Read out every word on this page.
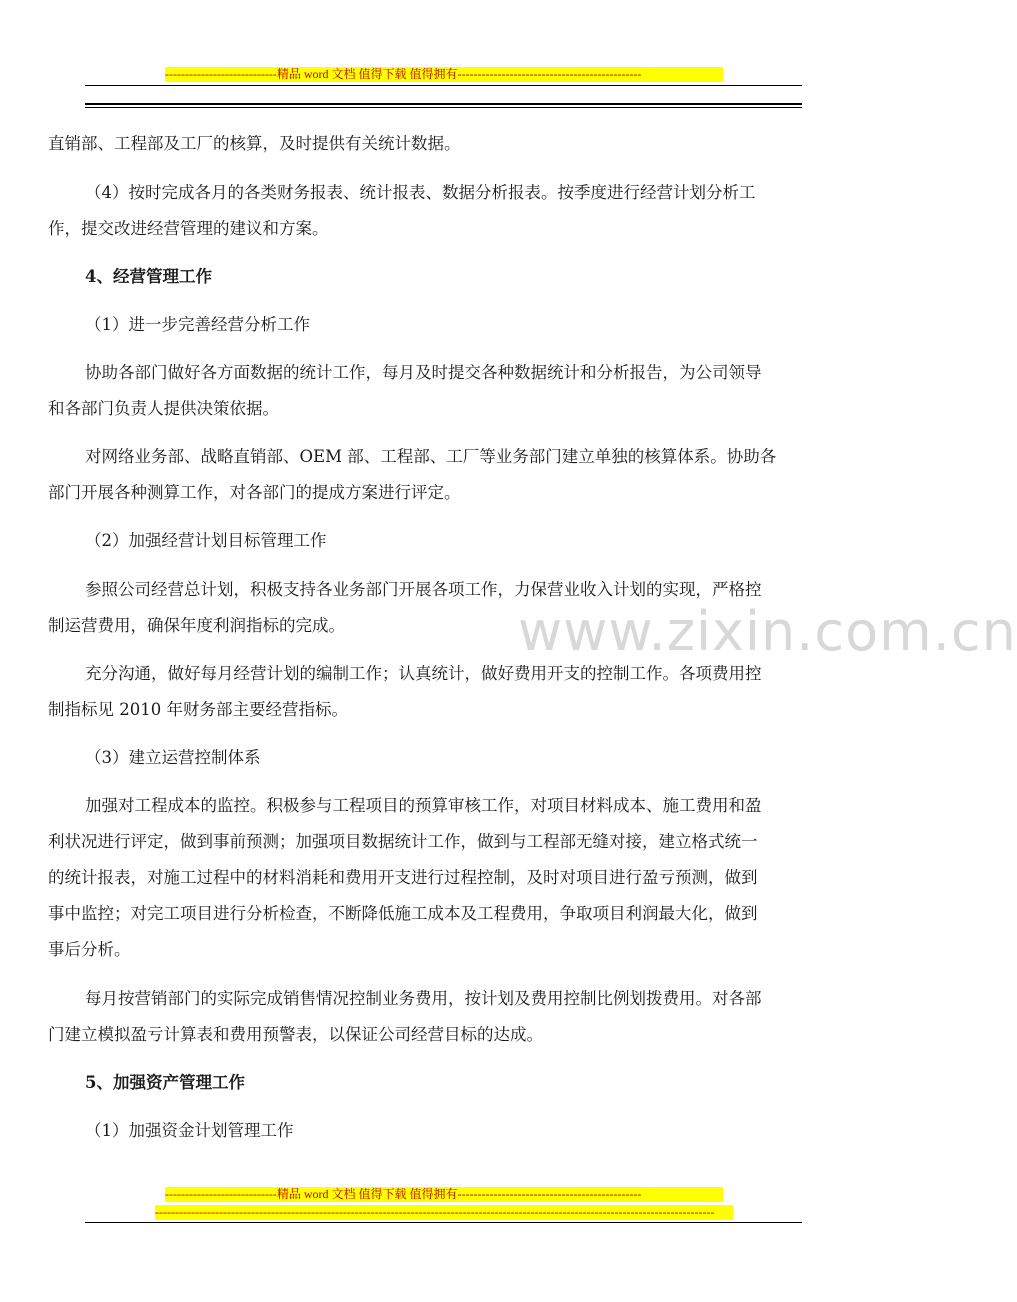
----------------------------精品 word 文档 值得下载 值得拥有----------------------------------------------
www.zixin.com.cn
直销部、工程部及工厂的核算，及时提供有关统计数据。
（4）按时完成各月的各类财务报表、统计报表、数据分析报表。按季度进行经营计划分析工
作，提交改进经营管理的建议和方案。
4、经营管理工作
（1）进一步完善经营分析工作
协助各部门做好各方面数据的统计工作，每月及时提交各种数据统计和分析报告，为公司领导
和各部门负责人提供决策依据。
对网络业务部、战略直销部、OEM 部、工程部、工厂等业务部门建立单独的核算体系。协助各
部门开展各种测算工作，对各部门的提成方案进行评定。
（2）加强经营计划目标管理工作
参照公司经营总计划，积极支持各业务部门开展各项工作，力保营业收入计划的实现，严格控
制运营费用，确保年度利润指标的完成。
充分沟通，做好每月经营计划的编制工作；认真统计，做好费用开支的控制工作。各项费用控
制指标见 2010 年财务部主要经营指标。
（3）建立运营控制体系
加强对工程成本的监控。积极参与工程项目的预算审核工作，对项目材料成本、施工费用和盈
利状况进行评定，做到事前预测；加强项目数据统计工作，做到与工程部无缝对接，建立格式统一
的统计报表，对施工过程中的材料消耗和费用开支进行过程控制，及时对项目进行盈亏预测，做到
事中监控；对完工项目进行分析检查，不断降低施工成本及工程费用，争取项目利润最大化，做到
事后分析。
每月按营销部门的实际完成销售情况控制业务费用，按计划及费用控制比例划拨费用。对各部
门建立模拟盈亏计算表和费用预警表，以保证公司经营目标的达成。
5、加强资产管理工作
（1）加强资金计划管理工作
----------------------------精品 word 文档 值得下载 值得拥有----------------------------------------------
--------------------------------------------------------------------------------------------------------------------------------------------
